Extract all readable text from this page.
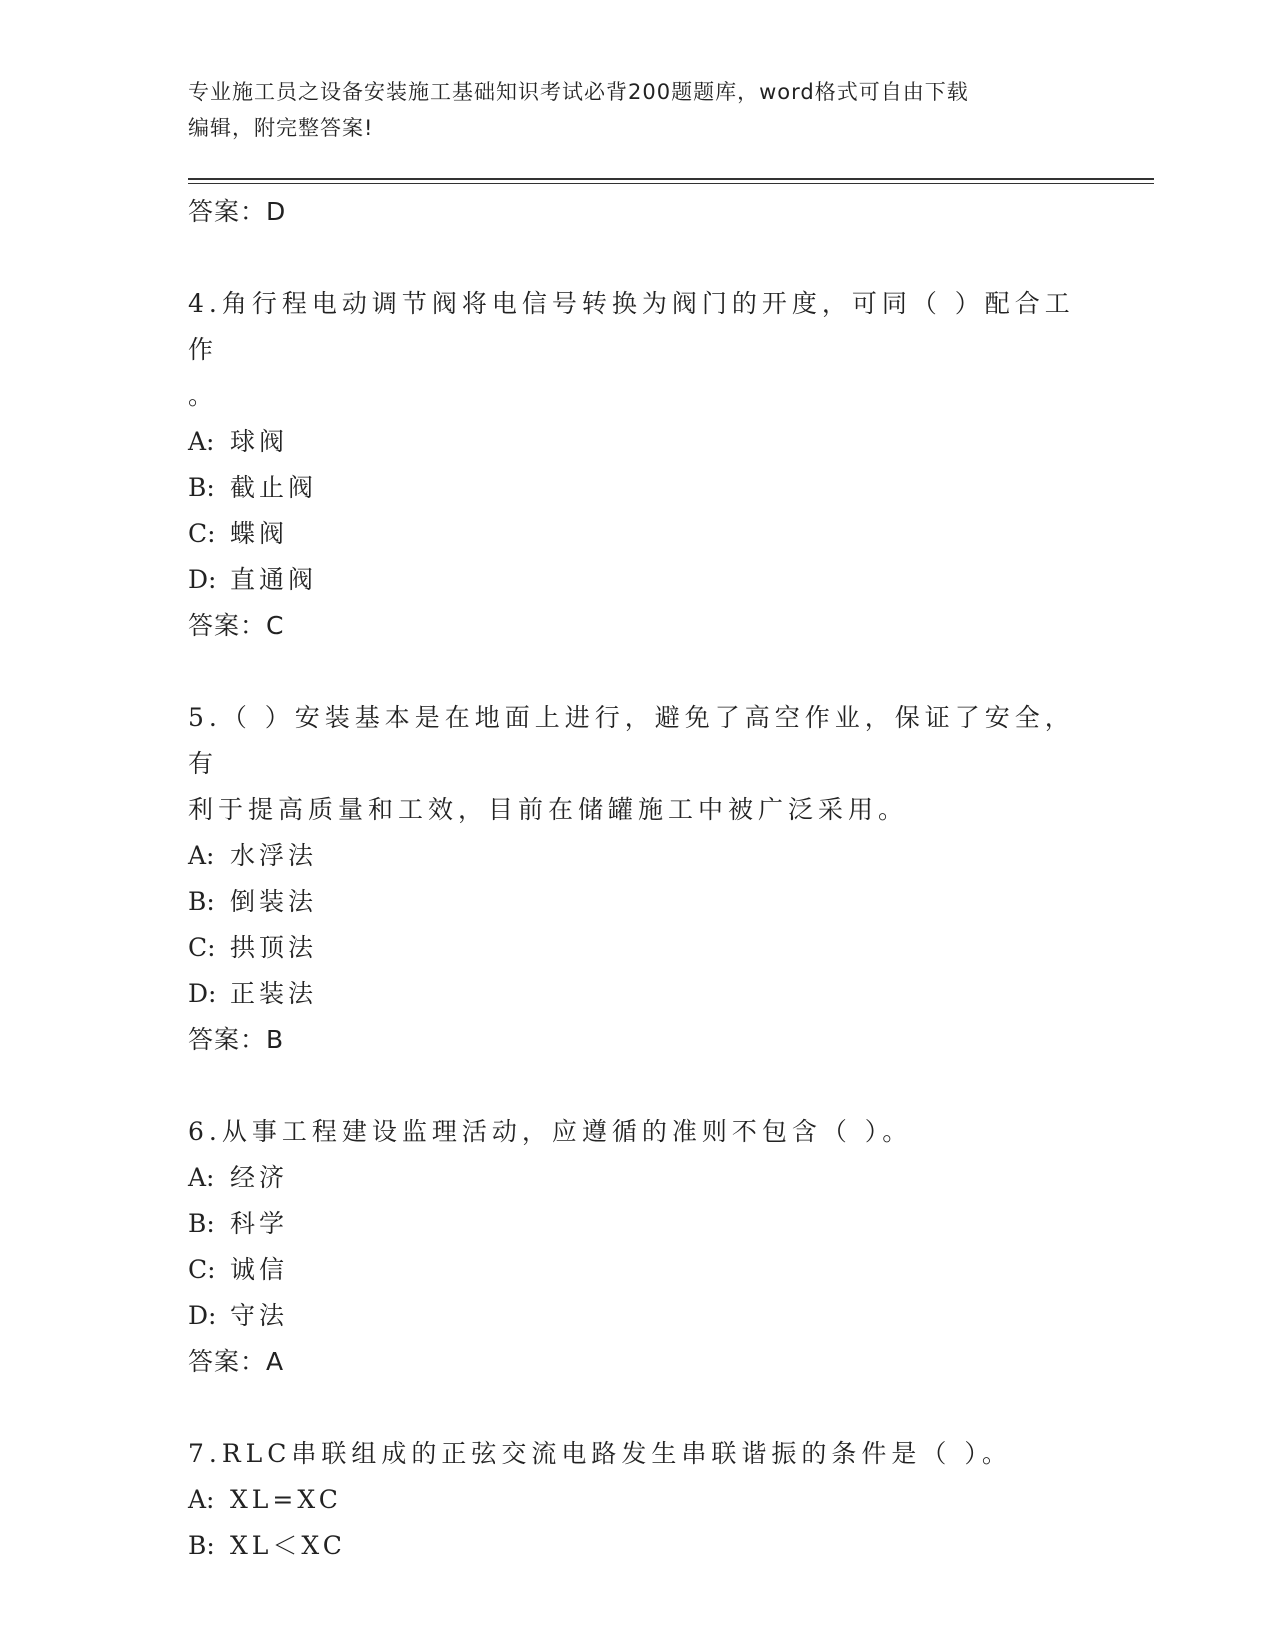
专业施工员之设备安装施工基础知识考试必背200题题库，word格式可自由下载
编辑，附完整答案!
答案：D
4.角行程电动调节阀将电信号转换为阀门的开度，可同（ ）配合工作
。
A: 球阀
B: 截止阀
C: 蝶阀
D: 直通阀
答案：C
5.（ ）安装基本是在地面上进行，避免了高空作业，保证了安全，有
利于提高质量和工效，目前在储罐施工中被广泛采用。
A: 水浮法
B: 倒装法
C: 拱顶法
D: 正装法
答案：B
6.从事工程建设监理活动，应遵循的准则不包含（ ）。
A: 经济
B: 科学
C: 诚信
D: 守法
答案：A
7.RLC串联组成的正弦交流电路发生串联谐振的条件是（ ）。
A: XL=XC
B: XL＜XC
